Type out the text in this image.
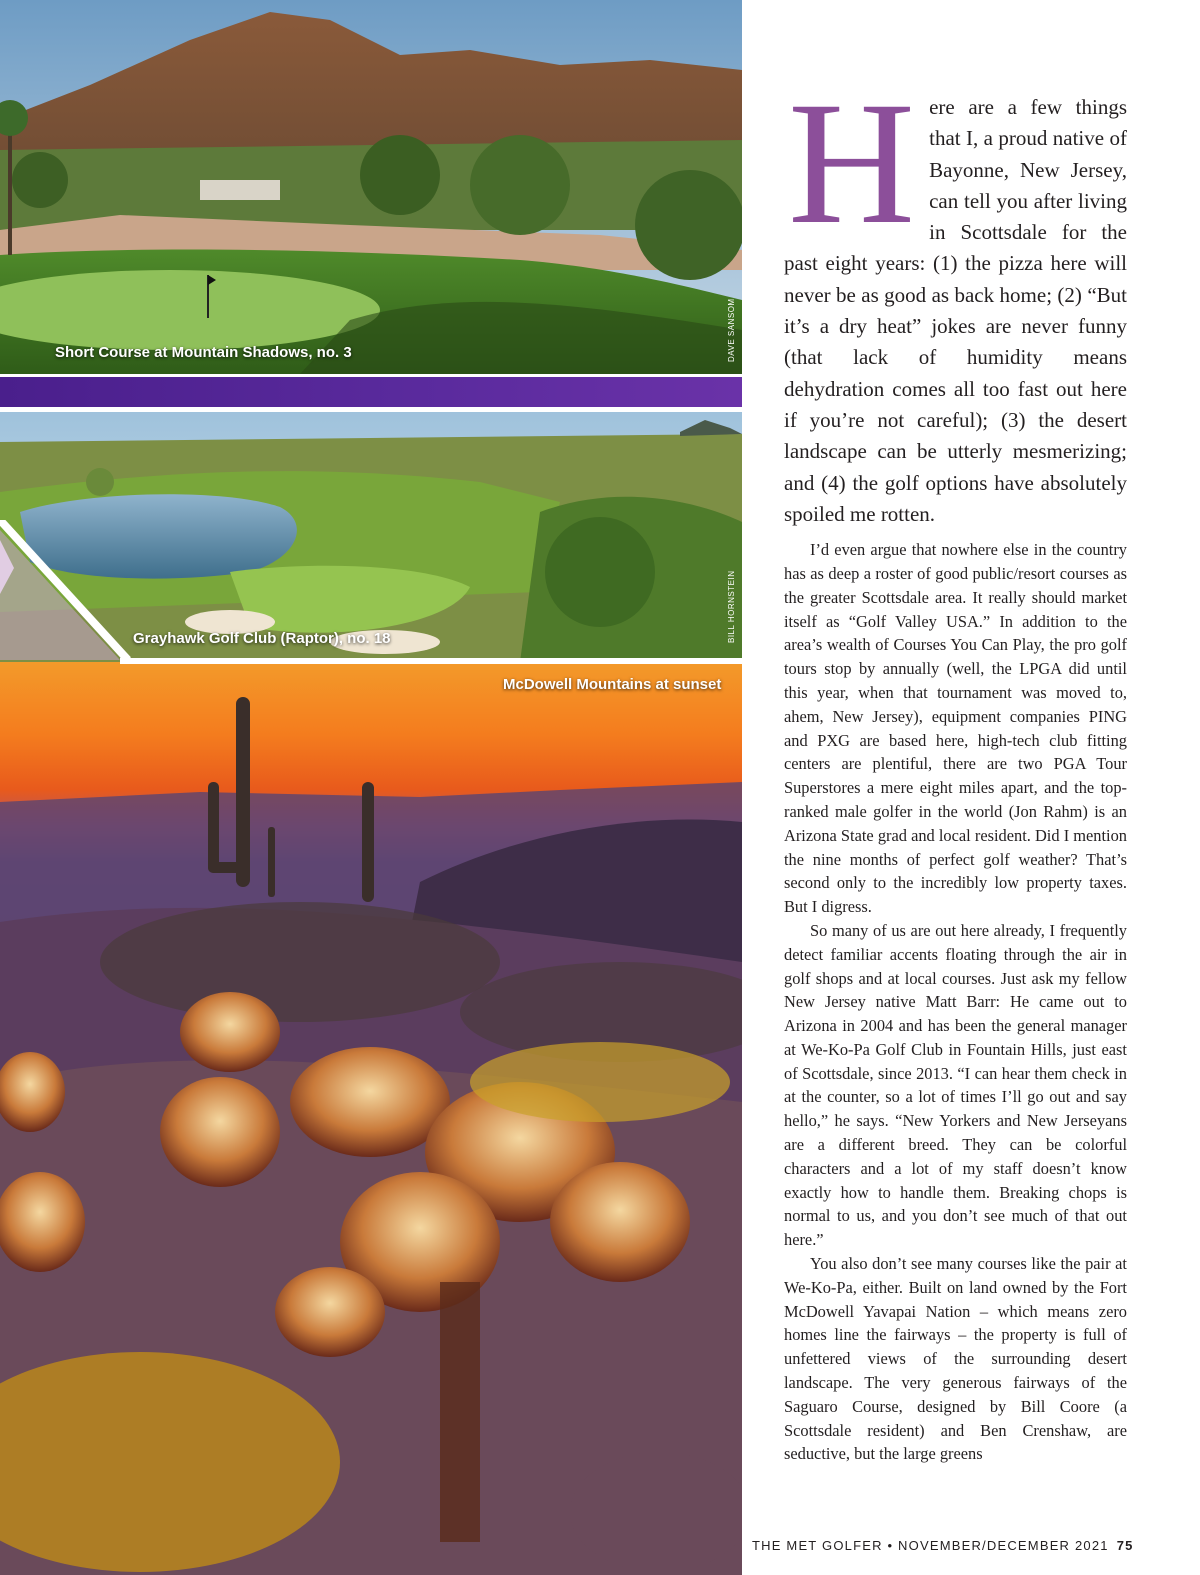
Short Course at Mountain Shadows, no. 3	DAVE SANSOM
McDowell Mountains at sunset
Grayhawk Golf Club (Raptor), no. 18	BILL HORNSTEIN
H ere are a few things that I, a proud native of Bayonne, New Jersey, can tell you after living in Scottsdale for the past eight years: (1) the pizza here will never be as good as back home; (2) “But it’s a dry heat” jokes are never funny (that lack of humidity means dehydration comes all too fast out here if you’re not careful); (3) the desert landscape can be utterly mesmerizing; and (4) the golf options have absolutely spoiled me rotten.

I’d even argue that nowhere else in the country has as deep a roster of good public/resort courses as the greater Scottsdale area. It really should market itself as “Golf Valley USA.” In addition to the area’s wealth of Courses You Can Play, the pro golf tours stop by annually (well, the LPGA did until this year, when that tournament was moved to, ahem, New Jersey), equipment companies PING and PXG are based here, high-tech club fitting centers are plentiful, there are two PGA Tour Superstores a mere eight miles apart, and the top-ranked male golfer in the world (Jon Rahm) is an Arizona State grad and local resident. Did I mention the nine months of perfect golf weather? That’s second only to the incredibly low property taxes. But I digress.

So many of us are out here already, I frequently detect familiar accents floating through the air in golf shops and at local courses. Just ask my fellow New Jersey native Matt Barr: He came out to Arizona in 2004 and has been the general manager at We-Ko-Pa Golf Club in Fountain Hills, just east of Scottsdale, since 2013. “I can hear them check in at the counter, so a lot of times I’ll go out and say hello,” he says. “New Yorkers and New Jerseyans are a different breed. They can be colorful characters and a lot of my staff doesn’t know exactly how to handle them. Breaking chops is normal to us, and you don’t see much of that out here.”

You also don’t see many courses like the pair at We-Ko-Pa, either. Built on land owned by the Fort McDowell Yavapai Nation – which means zero homes line the fairways – the property is full of unfettered views of the surrounding desert landscape. The very generous fairways of the Saguaro Course, designed by Bill Coore (a Scottsdale resident) and Ben Crenshaw, are seductive, but the large greens

THE MET GOLFER • NOVEMBER/DECEMBER 2021 75
